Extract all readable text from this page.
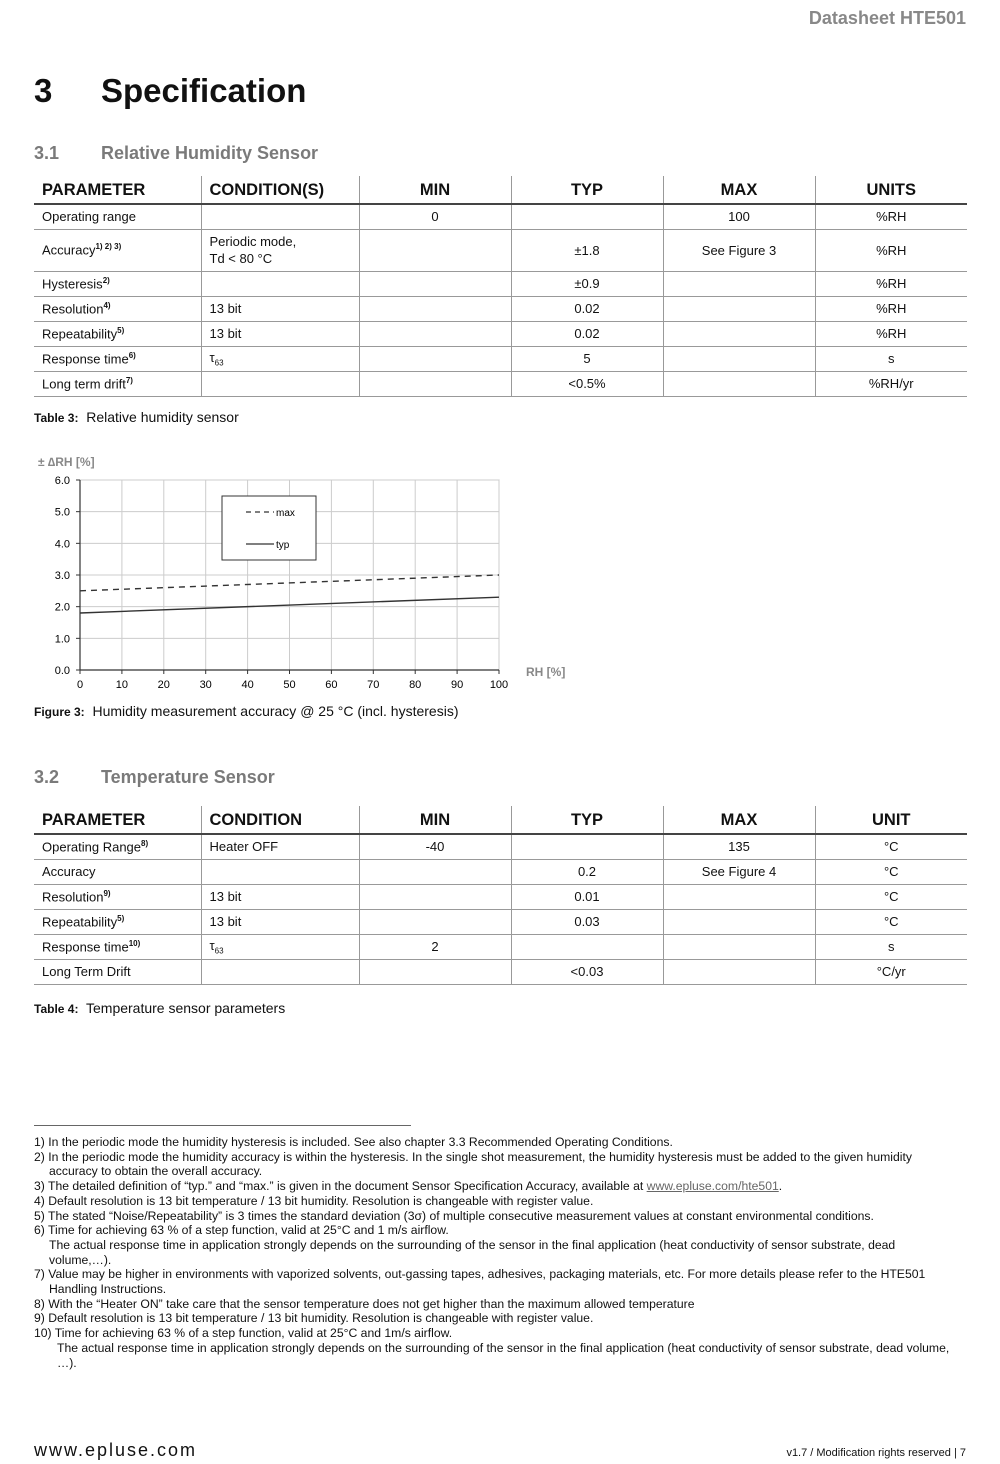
Datasheet HTE501
3 Specification
3.1 Relative Humidity Sensor
PARAMETER	CONDITION(S)	MIN	TYP	MAX	UNITS
Operating range		0		100	%RH
Accuracy$^{1) 2) 3)}$	Periodic mode,
Td < 80 °C		±1.8	See Figure 3	%RH
Hysteresis$^{2)}$			±0.9		%RH
Resolution$^{4)}$	13 bit		0.02		%RH
Repeatability$^{5)}$	13 bit		0.02		%RH
Response time$^{6)}$	$\tau_{63}$		5		s
Long term drift$^{7)}$			<0.5%		%RH/yr
Table 3: Relative humidity sensor
0	10	20	30	40	50	60	70	80	90 100
0.0
1.0
2.0
3.0
4.0
5.0
6.0
± ∆RH [%]
RH [%]
max
typ
Figure 3: Humidity measurement accuracy @ 25 °C (incl. hysteresis)
3.2 Temperature Sensor
PARAMETER	CONDITION	MIN	TYP	MAX	UNIT
Operating Range$^{8)}$	Heater OFF	-40		135	°C
Accuracy			0.2	See Figure 4	°C
Resolution$^{9)}$	13 bit		0.01		°C
Repeatability$^{5)}$	13 bit		0.03		°C
Response time$^{10)}$	$\tau_{63}$	2			s
Long Term Drift			<0.03		°C/yr
Table 4: Temperature sensor parameters
1) In the periodic mode the humidity hysteresis is included. See also chapter 3.3 Recommended Operating Conditions.
2) In the periodic mode the humidity accuracy is within the hysteresis. In the single shot measurement, the humidity hysteresis must be added to the given humidity accuracy to obtain the overall accuracy.
3) The detailed definition of “typ.” and “max.” is given in the document Sensor Specification Accuracy, available at www.epluse.com/hte501.
4) Default resolution is 13 bit temperature / 13 bit humidity. Resolution is changeable with register value.
5) The stated “Noise/Repeatability” is 3 times the standard deviation (3σ) of multiple consecutive measurement values at constant environmental conditions.
6) Time for achieving 63 % of a step function, valid at 25°C and 1 m/s airflow.
The actual response time in application strongly depends on the surrounding of the sensor in the final application (heat conductivity of sensor substrate, dead volume,…).
7) Value may be higher in environments with vaporized solvents, out-gassing tapes, adhesives, packaging materials, etc. For more details please refer to the HTE501 Handling Instructions.
8) With the “Heater ON” take care that the sensor temperature does not get higher than the maximum allowed temperature
9) Default resolution is 13 bit temperature / 13 bit humidity. Resolution is changeable with register value.
10) Time for achieving 63 % of a step function, valid at 25°C and 1m/s airflow.
The actual response time in application strongly depends on the surrounding of the sensor in the final application (heat conductivity of sensor substrate, dead volume, …).
www.epluse.com	v1.7 / Modification rights reserved | 7
